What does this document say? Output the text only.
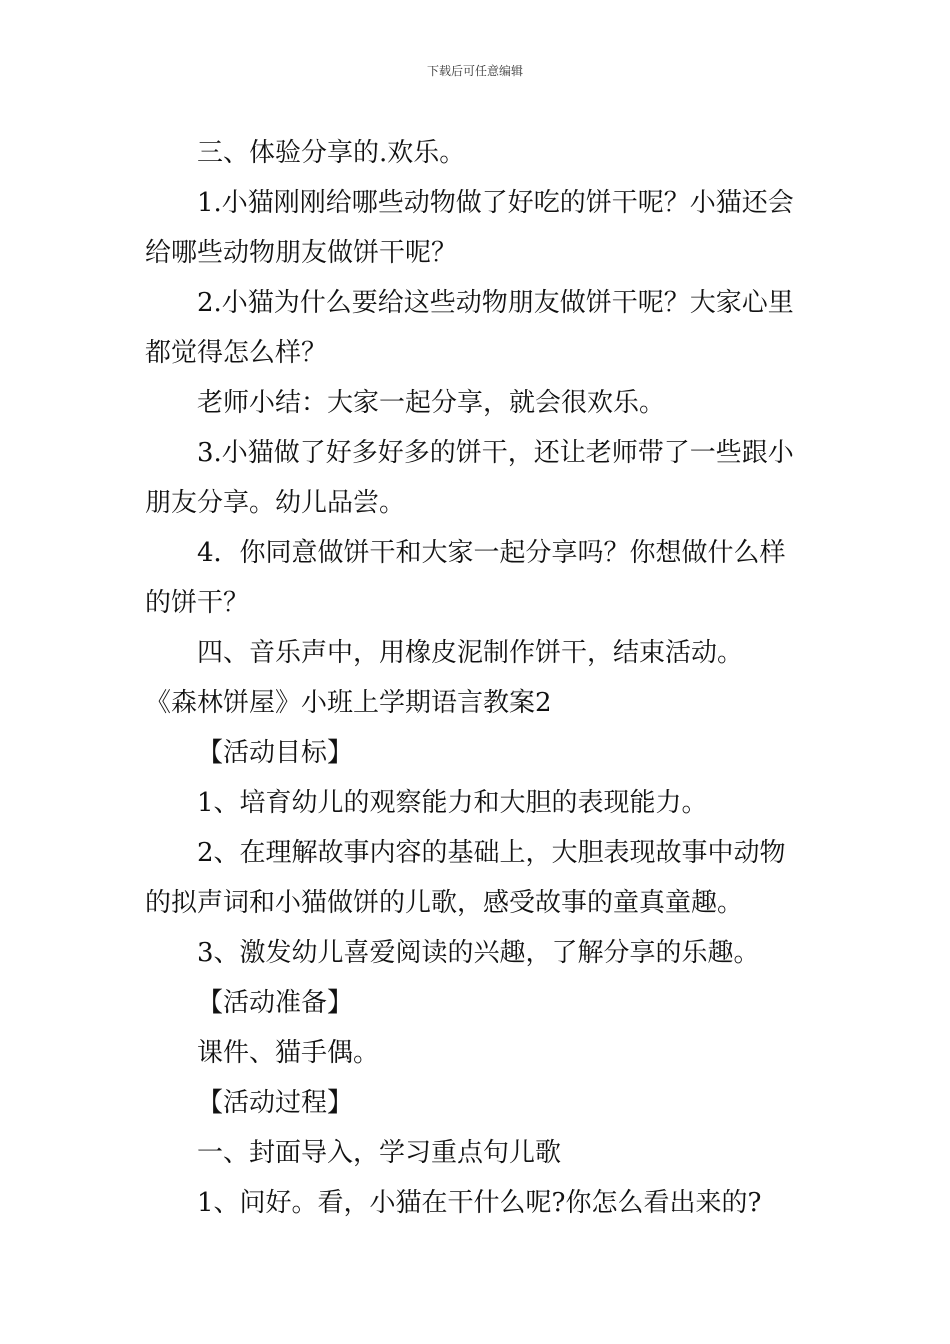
下载后可任意编辑

三、体验分享的.欢乐。

1.小猫刚刚给哪些动物做了好吃的饼干呢？小猫还会给哪些动物朋友做饼干呢？

2.小猫为什么要给这些动物朋友做饼干呢？大家心里都觉得怎么样？

老师小结：大家一起分享，就会很欢乐。

3.小猫做了好多好多的饼干，还让老师带了一些跟小朋友分享。幼儿品尝。

4．你同意做饼干和大家一起分享吗？你想做什么样的饼干？

四、音乐声中，用橡皮泥制作饼干，结束活动。

《森林饼屋》小班上学期语言教案2

【活动目标】

1、培育幼儿的观察能力和大胆的表现能力。

2、在理解故事内容的基础上，大胆表现故事中动物的拟声词和小猫做饼的儿歌，感受故事的童真童趣。

3、激发幼儿喜爱阅读的兴趣，了解分享的乐趣。

【活动准备】

课件、猫手偶。

【活动过程】

一、封面导入，学习重点句儿歌

1、问好。看，小猫在干什么呢?你怎么看出来的?
